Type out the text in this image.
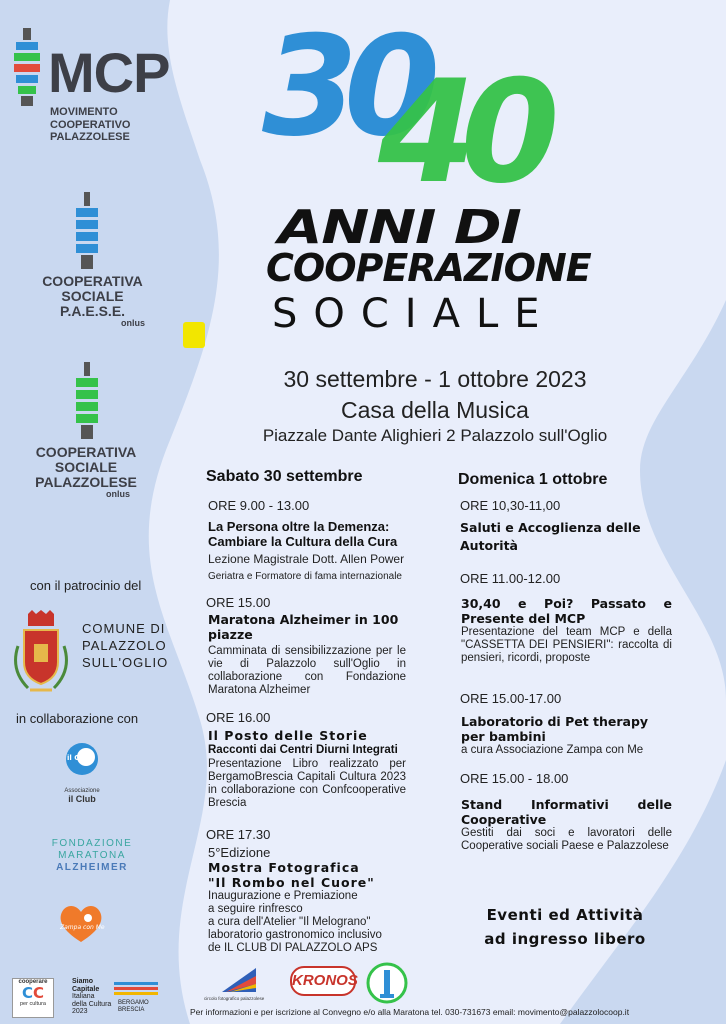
MCP
MOVIMENTO
COOPERATIVO
PALAZZOLESE
COOPERATIVA
SOCIALE P.A.E.S.E.
onlus
COOPERATIVA
SOCIALE PALAZZOLESE
onlus
con il patrocinio del
COMUNE DI
PALAZZOLO
SULL'OGLIO
in collaborazione con
il Club
Associazione
il Club
FONDAZIONE
MARATONA
ALZHEIMER
Zampa con Me
cooperare
CC
per cultura
Siamo
Capitale
Italiana
della Cultura
2023
BERGAMO
BRESCIA
30
40
ANNI DI
COOPERAZIONE
SOCIALE
30 settembre - 1 ottobre 2023
Casa della Musica
Piazzale Dante Alighieri 2 Palazzolo sull'Oglio
Sabato 30 settembre
ORE 9.00 - 13.00
La Persona oltre la Demenza:
Cambiare la Cultura della Cura
Lezione Magistrale Dott. Allen Power
Geriatra e Formatore di fama internazionale
ORE 15.00
Maratona Alzheimer in 100 piazze
Camminata di sensibilizzazione per le vie di Palazzolo sull'Oglio in collaborazione con Fondazione Maratona Alzheimer
ORE 16.00
Il Posto delle Storie
Racconti dai Centri Diurni Integrati
Presentazione Libro realizzato per BergamoBrescia Capitali Cultura 2023 in collaborazione con Confcooperative Brescia
ORE 17.30
5°Edizione
Mostra Fotografica
"Il Rombo nel Cuore"
Inaugurazione e Premiazione
a seguire rinfresco
a cura dell'Atelier "Il Melograno"
laboratorio gastronomico inclusivo
de IL CLUB DI PALAZZOLO APS
Domenica 1 ottobre
ORE 10,30-11,00
Saluti e Accoglienza delle Autorità
ORE 11.00-12.00
30,40 e Poi? Passato e Presente del MCP
Presentazione del team MCP e della "CASSETTA DEI PENSIERI": raccolta di pensieri, ricordi, proposte
ORE 15.00-17.00
Laboratorio di Pet therapy per bambini
a cura Associazione Zampa con Me
ORE 15.00 - 18.00
Stand Informativi delle Cooperative
Gestiti dai soci e lavoratori delle Cooperative sociali Paese e Palazzolese
Eventi ed Attività
ad ingresso libero
circolo fotografico palazzolese
KRONOS
Per informazioni e per iscrizione al Convegno e/o alla Maratona tel. 030-731673 email: movimento@palazzolocoop.it
